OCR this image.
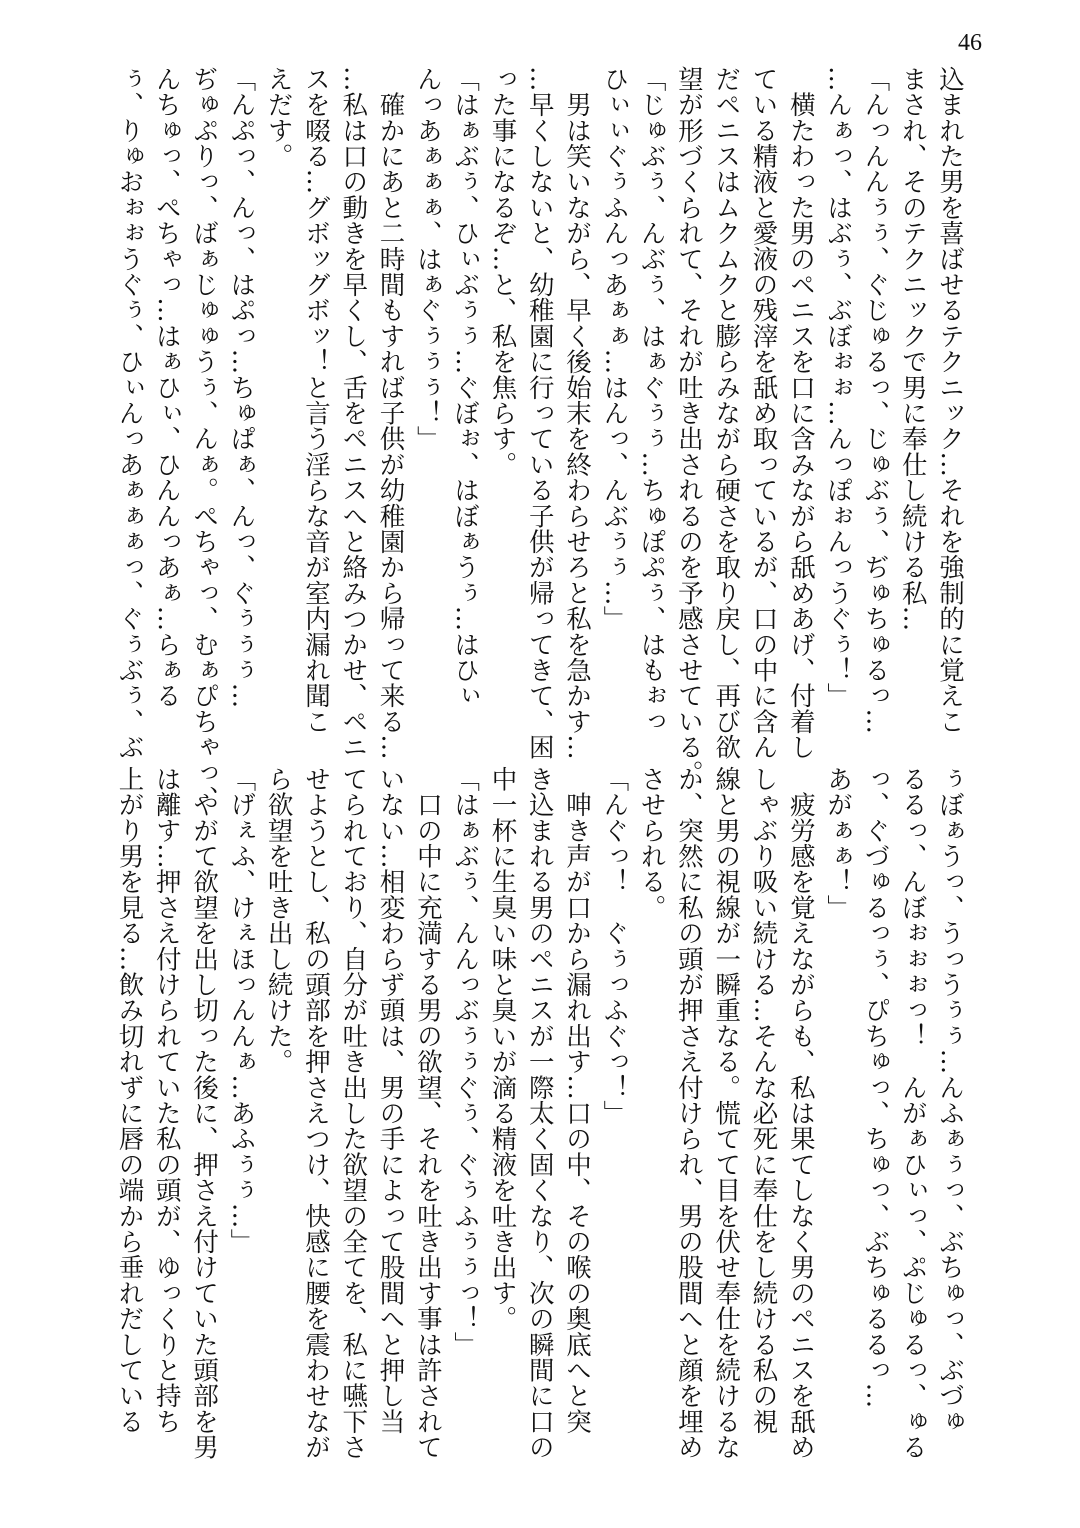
46
込まれた男を喜ばせるテクニック…それを強制的に覚えこ
まされ、そのテクニックで男に奉仕し続ける私…
「んっんんぅぅ、ぐじゅるっ、じゅぶぅ、ぢゅちゅるっ…
…んぁっ、はぶぅ、ぶぼぉぉ…んっぽぉんっうぐぅ！」
　横たわった男のペニスを口に含みながら舐めあげ、付着し
ている精液と愛液の残滓を舐め取っているが、口の中に含ん
だペニスはムクムクと膨らみながら硬さを取り戻し、再び欲
望が形づくられて、それが吐き出されるのを予感させている。
「じゅぶぅ、んぶぅ、はぁぐぅぅ…ちゅぽぷぅ、はもぉっ
ひぃぃぐぅふんっあぁぁ…はんっ、んぶぅぅ…」
　男は笑いながら、早く後始末を終わらせろと私を急かす…
…早くしないと、幼稚園に行っている子供が帰ってきて、困
った事になるぞ…と、私を焦らす。
「はぁぶぅ、ひぃぶぅぅ…ぐぼぉ、はぼぁうぅ…はひぃ
んっあぁぁぁ、はぁぐぅぅぅ！」
　確かにあと二時間もすれば子供が幼稚園から帰って来る…
…私は口の動きを早くし、舌をペニスへと絡みつかせ、ペニ
スを啜る…グボッグボッ！と言う淫らな音が室内漏れ聞こ
えだす。
「んぷっ、んっ、はぷっ…ちゅぱぁ、んっ、ぐぅぅぅ…
ぢゅぷりっ、ばぁじゅゅうぅ、んぁ。ぺちゃっ、むぁぴちゃっ、
んちゅっ、ぺちゃっ…はぁひぃ、ひんんっあぁ…らぁる
ぅ、りゅおぉぉうぐぅ、ひぃんっあぁぁぁっ、ぐぅぶぅ、ぶ
ぅぼぁうっ、うっうぅぅ…んふぁぅっ、ぶちゅっ、ぶづゅ
るるっ、んぼぉぉぉっ！　んがぁひぃっ、ぷじゅるっ、ゅる
っ、ぐづゅるっぅ、ぴちゅっ、ちゅっ、ぶちゅるるっ…
あがぁぁ！」
　疲労感を覚えながらも、私は果てしなく男のペニスを舐め
しゃぶり吸い続ける…そんな必死に奉仕をし続ける私の視
線と男の視線が一瞬重なる。慌てて目を伏せ奉仕を続けるな
か、突然に私の頭が押さえ付けられ、男の股間へと顔を埋め
させられる。
「んぐっ！　ぐぅっふぐっ！」
　呻き声が口から漏れ出す…口の中、その喉の奥底へと突
き込まれる男のペニスが一際太く固くなり、次の瞬間に口の
中一杯に生臭い味と臭いが滴る精液を吐き出す。
「はぁぶぅ、んんっぶぅぅぐぅ、ぐぅふぅぅっ！」
　口の中に充満する男の欲望、それを吐き出す事は許されて
いない…相変わらず頭は、男の手によって股間へと押し当
てられており、自分が吐き出した欲望の全てを、私に嚥下さ
せようとし、私の頭部を押さえつけ、快感に腰を震わせなが
ら欲望を吐き出し続けた。
「げぇふ、けぇほっんんぁ…あふぅぅ…」
　やがて欲望を出し切った後に、押さえ付けていた頭部を男
は離す…押さえ付けられていた私の頭が、ゆっくりと持ち
上がり男を見る…飲み切れずに唇の端から垂れだしている
